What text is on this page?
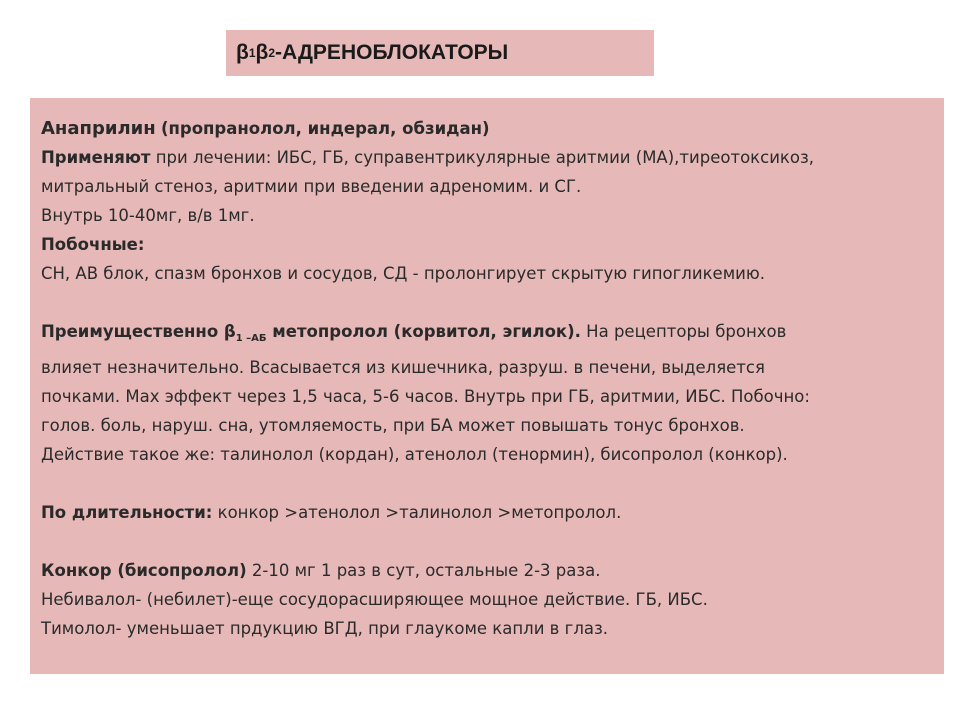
β 1 β 2 -АДРЕНОБЛОКАТОРЫ

Анаприлин (пропранолол, индерал, обзидан)

Применяют при лечении: ИБС, ГБ, суправентрикулярные аритмии (МА),тиреотоксикоз,

митральный стеноз, аритмии при введении адреномим. и СГ.

Внутрь 10-40мг, в/в 1мг.

Побочные:

СН, АВ блок, спазм бронхов и сосудов, СД - пролонгирует скрытую гипогликемию.

Преимущественно $\beta_{1 -АБ}$ метопролол (корвитол, эгилок). На рецепторы бронхов

влияет незначительно. Всасывается из кишечника, разруш. в печени, выделяется

почками. Max эффект через 1,5 часа, 5-6 часов. Внутрь при ГБ, аритмии, ИБС. Побочно:

голов. боль, наруш. сна, утомляемость, при БА может повышать тонус бронхов.

Действие такое же: талинолол (кордан), атенолол (тенормин), бисопролол (конкор).

По длительности: конкор >атенолол >талинолол >метопролол.

Конкор (бисопролол) 2-10 мг 1 раз в сут, остальные 2-3 раза.

Небивалол- (небилет)-еще сосудорасширяющее мощное действие. ГБ, ИБС.

Тимолол- уменьшает прдукцию ВГД, при глаукоме капли в глаз.
